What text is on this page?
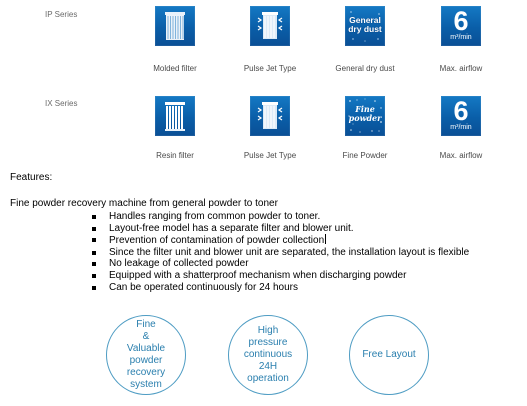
IP Series
Molded filter	Pulse Jet Type
General
dry dust
General dry dust
6
m³/min
Max. airflow
IX Series
Resin filter	Pulse Jet Type
Fine
powder
Fine Powder
6
m³/min
Max. airflow
Features:
Fine powder recovery machine from general powder to toner
Handles ranging from common powder to toner.
Layout-free model has a separate filter and blower unit.
Prevention of contamination of powder collection
Since the filter unit and blower unit are separated, the installation layout is flexible
No leakage of collected powder
Equipped with a shatterproof mechanism when discharging powder
Can be operated continuously for 24 hours
Fine
&
Valuable
powder
recovery
system
High
pressure
continuous
24H
operation
Free Layout
